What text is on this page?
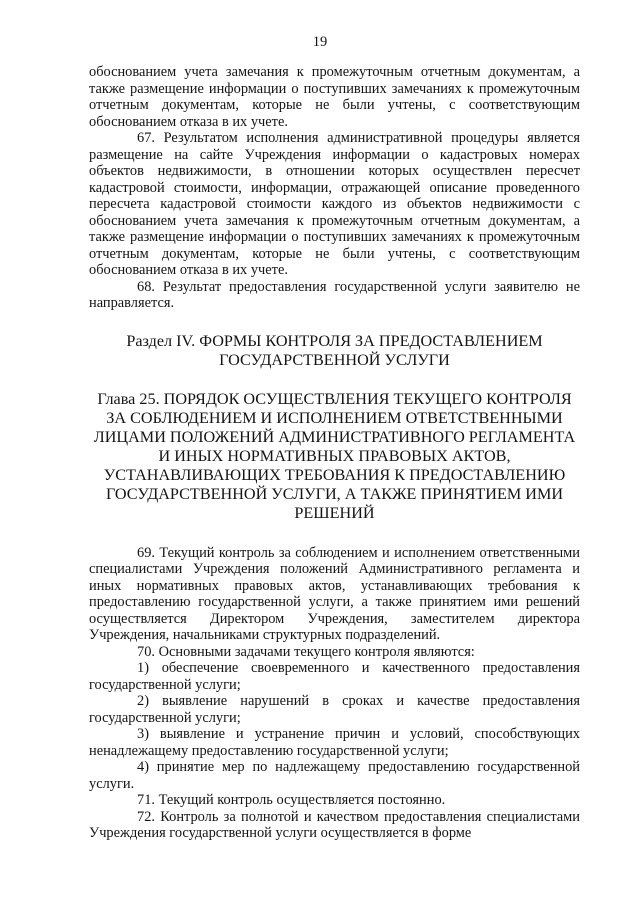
19

обоснованием учета замечания к промежуточным отчетным документам, а также размещение информации о поступивших замечаниях к промежуточным отчетным документам, которые не были учтены, с соответствующим обоснованием отказа в их учете.

67. Результатом исполнения административной процедуры является размещение на сайте Учреждения информации о кадастровых номерах объектов недвижимости, в отношении которых осуществлен пересчет кадастровой стоимости, информации, отражающей описание проведенного пересчета кадастровой стоимости каждого из объектов недвижимости с обоснованием учета замечания к промежуточным отчетным документам, а также размещение информации о поступивших замечаниях к промежуточным отчетным документам, которые не были учтены, с соответствующим обоснованием отказа в их учете.

68. Результат предоставления государственной услуги заявителю не направляется.

Раздел IV. ФОРМЫ КОНТРОЛЯ ЗА ПРЕДОСТАВЛЕНИЕМ ГОСУДАРСТВЕННОЙ УСЛУГИ
Глава 25. ПОРЯДОК ОСУЩЕСТВЛЕНИЯ ТЕКУЩЕГО КОНТРОЛЯ ЗА СОБЛЮДЕНИЕМ И ИСПОЛНЕНИЕМ ОТВЕТСТВЕННЫМИ ЛИЦАМИ ПОЛОЖЕНИЙ АДМИНИСТРАТИВНОГО РЕГЛАМЕНТА И ИНЫХ НОРМАТИВНЫХ ПРАВОВЫХ АКТОВ, УСТАНАВЛИВАЮЩИХ ТРЕБОВАНИЯ К ПРЕДОСТАВЛЕНИЮ ГОСУДАРСТВЕННОЙ УСЛУГИ, А ТАКЖЕ ПРИНЯТИЕМ ИМИ РЕШЕНИЙ

69. Текущий контроль за соблюдением и исполнением ответственными специалистами Учреждения положений Административного регламента и иных нормативных правовых актов, устанавливающих требования к предоставлению государственной услуги, а также принятием ими решений осуществляется Директором Учреждения, заместителем директора Учреждения, начальниками структурных подразделений.

70. Основными задачами текущего контроля являются:

1) обеспечение своевременного и качественного предоставления государственной услуги;

2) выявление нарушений в сроках и качестве предоставления государственной услуги;

3) выявление и устранение причин и условий, способствующих ненадлежащему предоставлению государственной услуги;

4) принятие мер по надлежащему предоставлению государственной услуги.

71. Текущий контроль осуществляется постоянно.

72. Контроль за полнотой и качеством предоставления специалистами Учреждения государственной услуги осуществляется в форме
